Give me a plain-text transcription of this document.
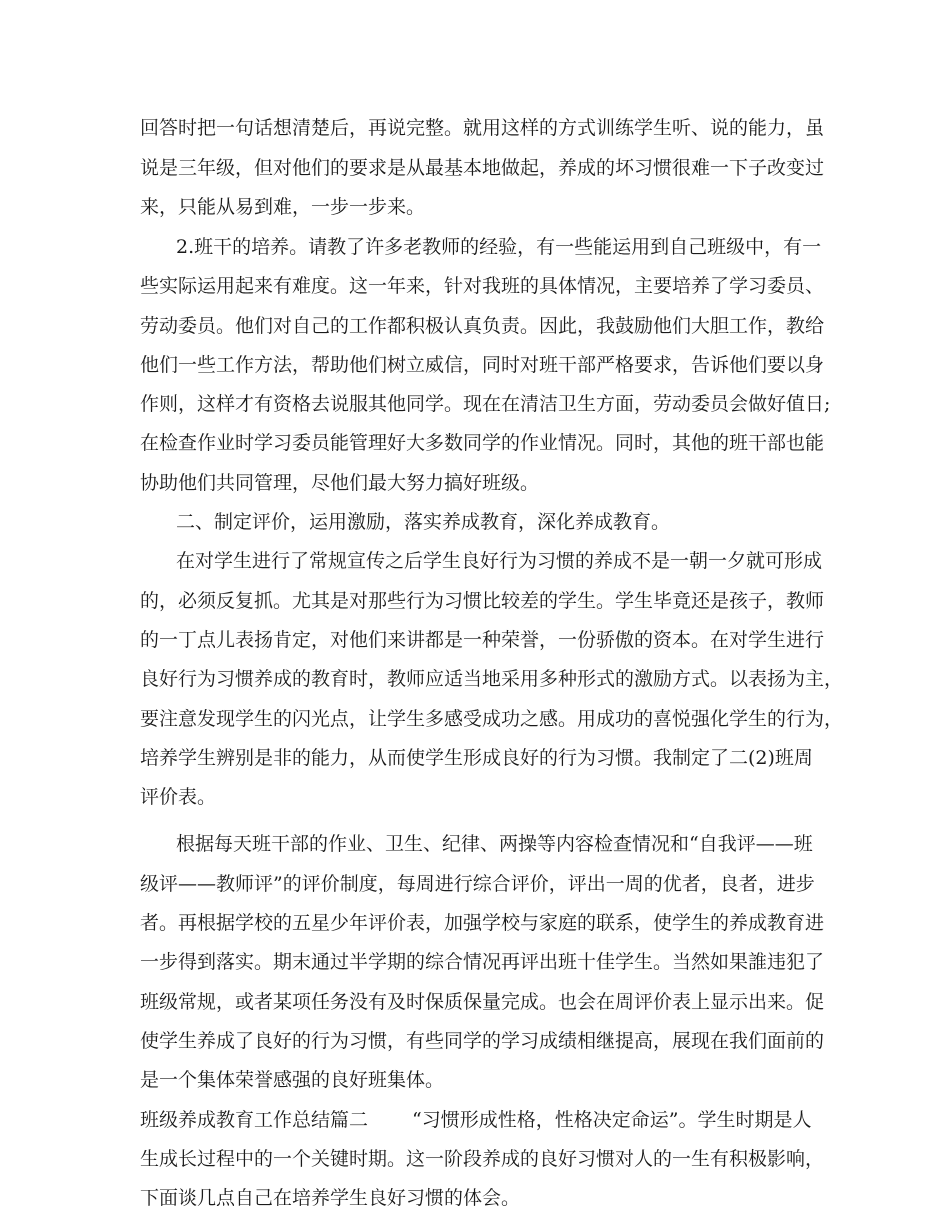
回答时把一句话想清楚后，再说完整。就用这样的方式训练学生听、说的能力，虽
说是三年级，但对他们的要求是从最基本地做起，养成的坏习惯很难一下子改变过
来，只能从易到难，一步一步来。
2.班干的培养。请教了许多老教师的经验，有一些能运用到自己班级中，有一
些实际运用起来有难度。这一年来，针对我班的具体情况，主要培养了学习委员、
劳动委员。他们对自己的工作都积极认真负责。因此，我鼓励他们大胆工作，教给
他们一些工作方法，帮助他们树立威信，同时对班干部严格要求，告诉他们要以身
作则，这样才有资格去说服其他同学。现在在清洁卫生方面，劳动委员会做好值日;
在检查作业时学习委员能管理好大多数同学的作业情况。同时，其他的班干部也能
协助他们共同管理，尽他们最大努力搞好班级。
二、制定评价，运用激励，落实养成教育，深化养成教育。
在对学生进行了常规宣传之后学生良好行为习惯的养成不是一朝一夕就可形成
的，必须反复抓。尤其是对那些行为习惯比较差的学生。学生毕竟还是孩子，教师
的一丁点儿表扬肯定，对他们来讲都是一种荣誉，一份骄傲的资本。在对学生进行
良好行为习惯养成的教育时，教师应适当地采用多种形式的激励方式。以表扬为主，
要注意发现学生的闪光点，让学生多感受成功之感。用成功的喜悦强化学生的行为，
培养学生辨别是非的能力，从而使学生形成良好的行为习惯。我制定了二(2)班周
评价表。
根据每天班干部的作业、卫生、纪律、两操等内容检查情况和“自我评——班
级评——教师评”的评价制度，每周进行综合评价，评出一周的优者，良者，进步
者。再根据学校的五星少年评价表，加强学校与家庭的联系，使学生的养成教育进
一步得到落实。期末通过半学期的综合情况再评出班十佳学生。当然如果誰违犯了
班级常规，或者某项任务没有及时保质保量完成。也会在周评价表上显示出来。促
使学生养成了良好的行为习惯，有些同学的学习成绩相继提高，展现在我们面前的
是一个集体荣誉感强的良好班集体。
班级养成教育工作总结篇二 “习惯形成性格，性格决定命运”。学生时期是人
生成长过程中的一个关键时期。这一阶段养成的良好习惯对人的一生有积极影响，
下面谈几点自己在培养学生良好习惯的体会。
